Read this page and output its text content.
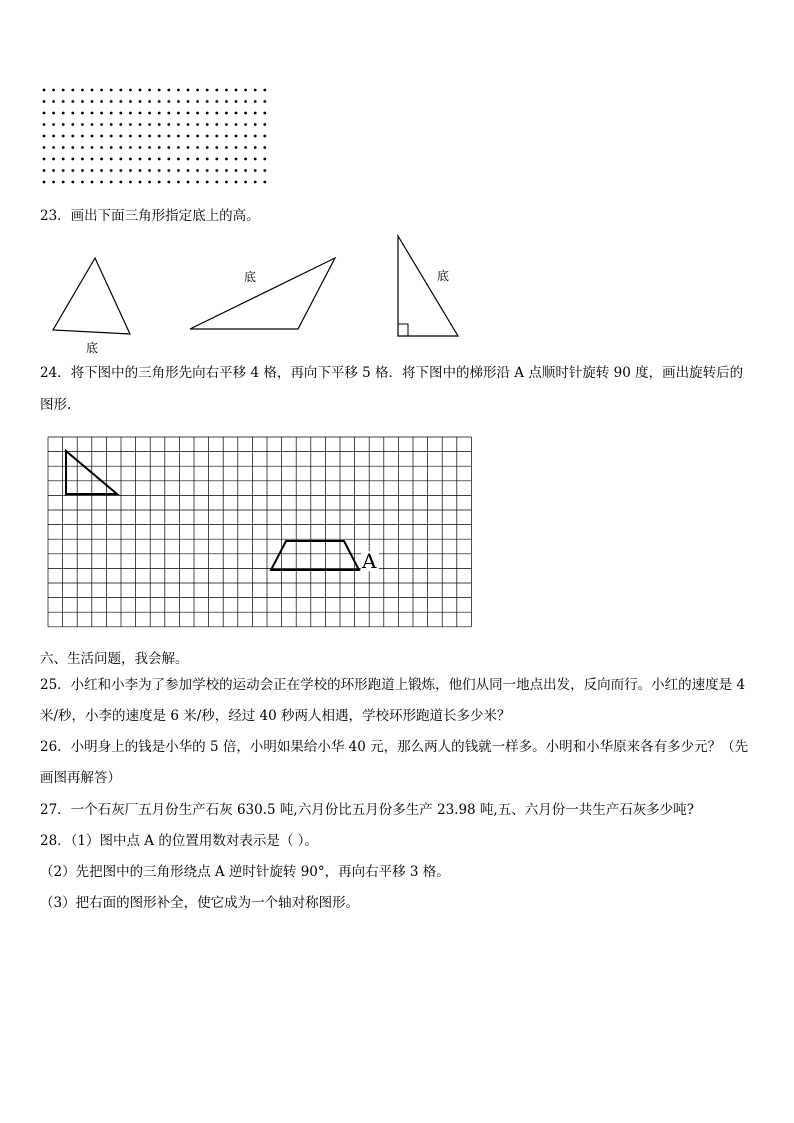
23．画出下面三角形指定底上的高。
底
底	底
24．将下图中的三角形先向右平移 4 格，再向下平移 5 格．将下图中的梯形沿 A 点顺时针旋转 90 度，画出旋转后的
图形.
A
六、生活问题，我会解。
25．小红和小李为了参加学校的运动会正在学校的环形跑道上锻炼，他们从同一地点出发，反向而行。小红的速度是 4
米/秒，小李的速度是 6 米/秒，经过 40 秒两人相遇，学校环形跑道长多少米？
26．小明身上的钱是小华的 5 倍，小明如果给小华 40 元，那么两人的钱就一样多。小明和小华原来各有多少元？（先
画图再解答）
27．一个石灰厂五月份生产石灰 630.5 吨,六月份比五月份多生产 23.98 吨,五、六月份一共生产石灰多少吨?
28．（1）图中点 A 的位置用数对表示是（ ）。
（2）先把图中的三角形绕点 A 逆时针旋转 90°，再向右平移 3 格。
（3）把右面的图形补全，使它成为一个轴对称图形。
